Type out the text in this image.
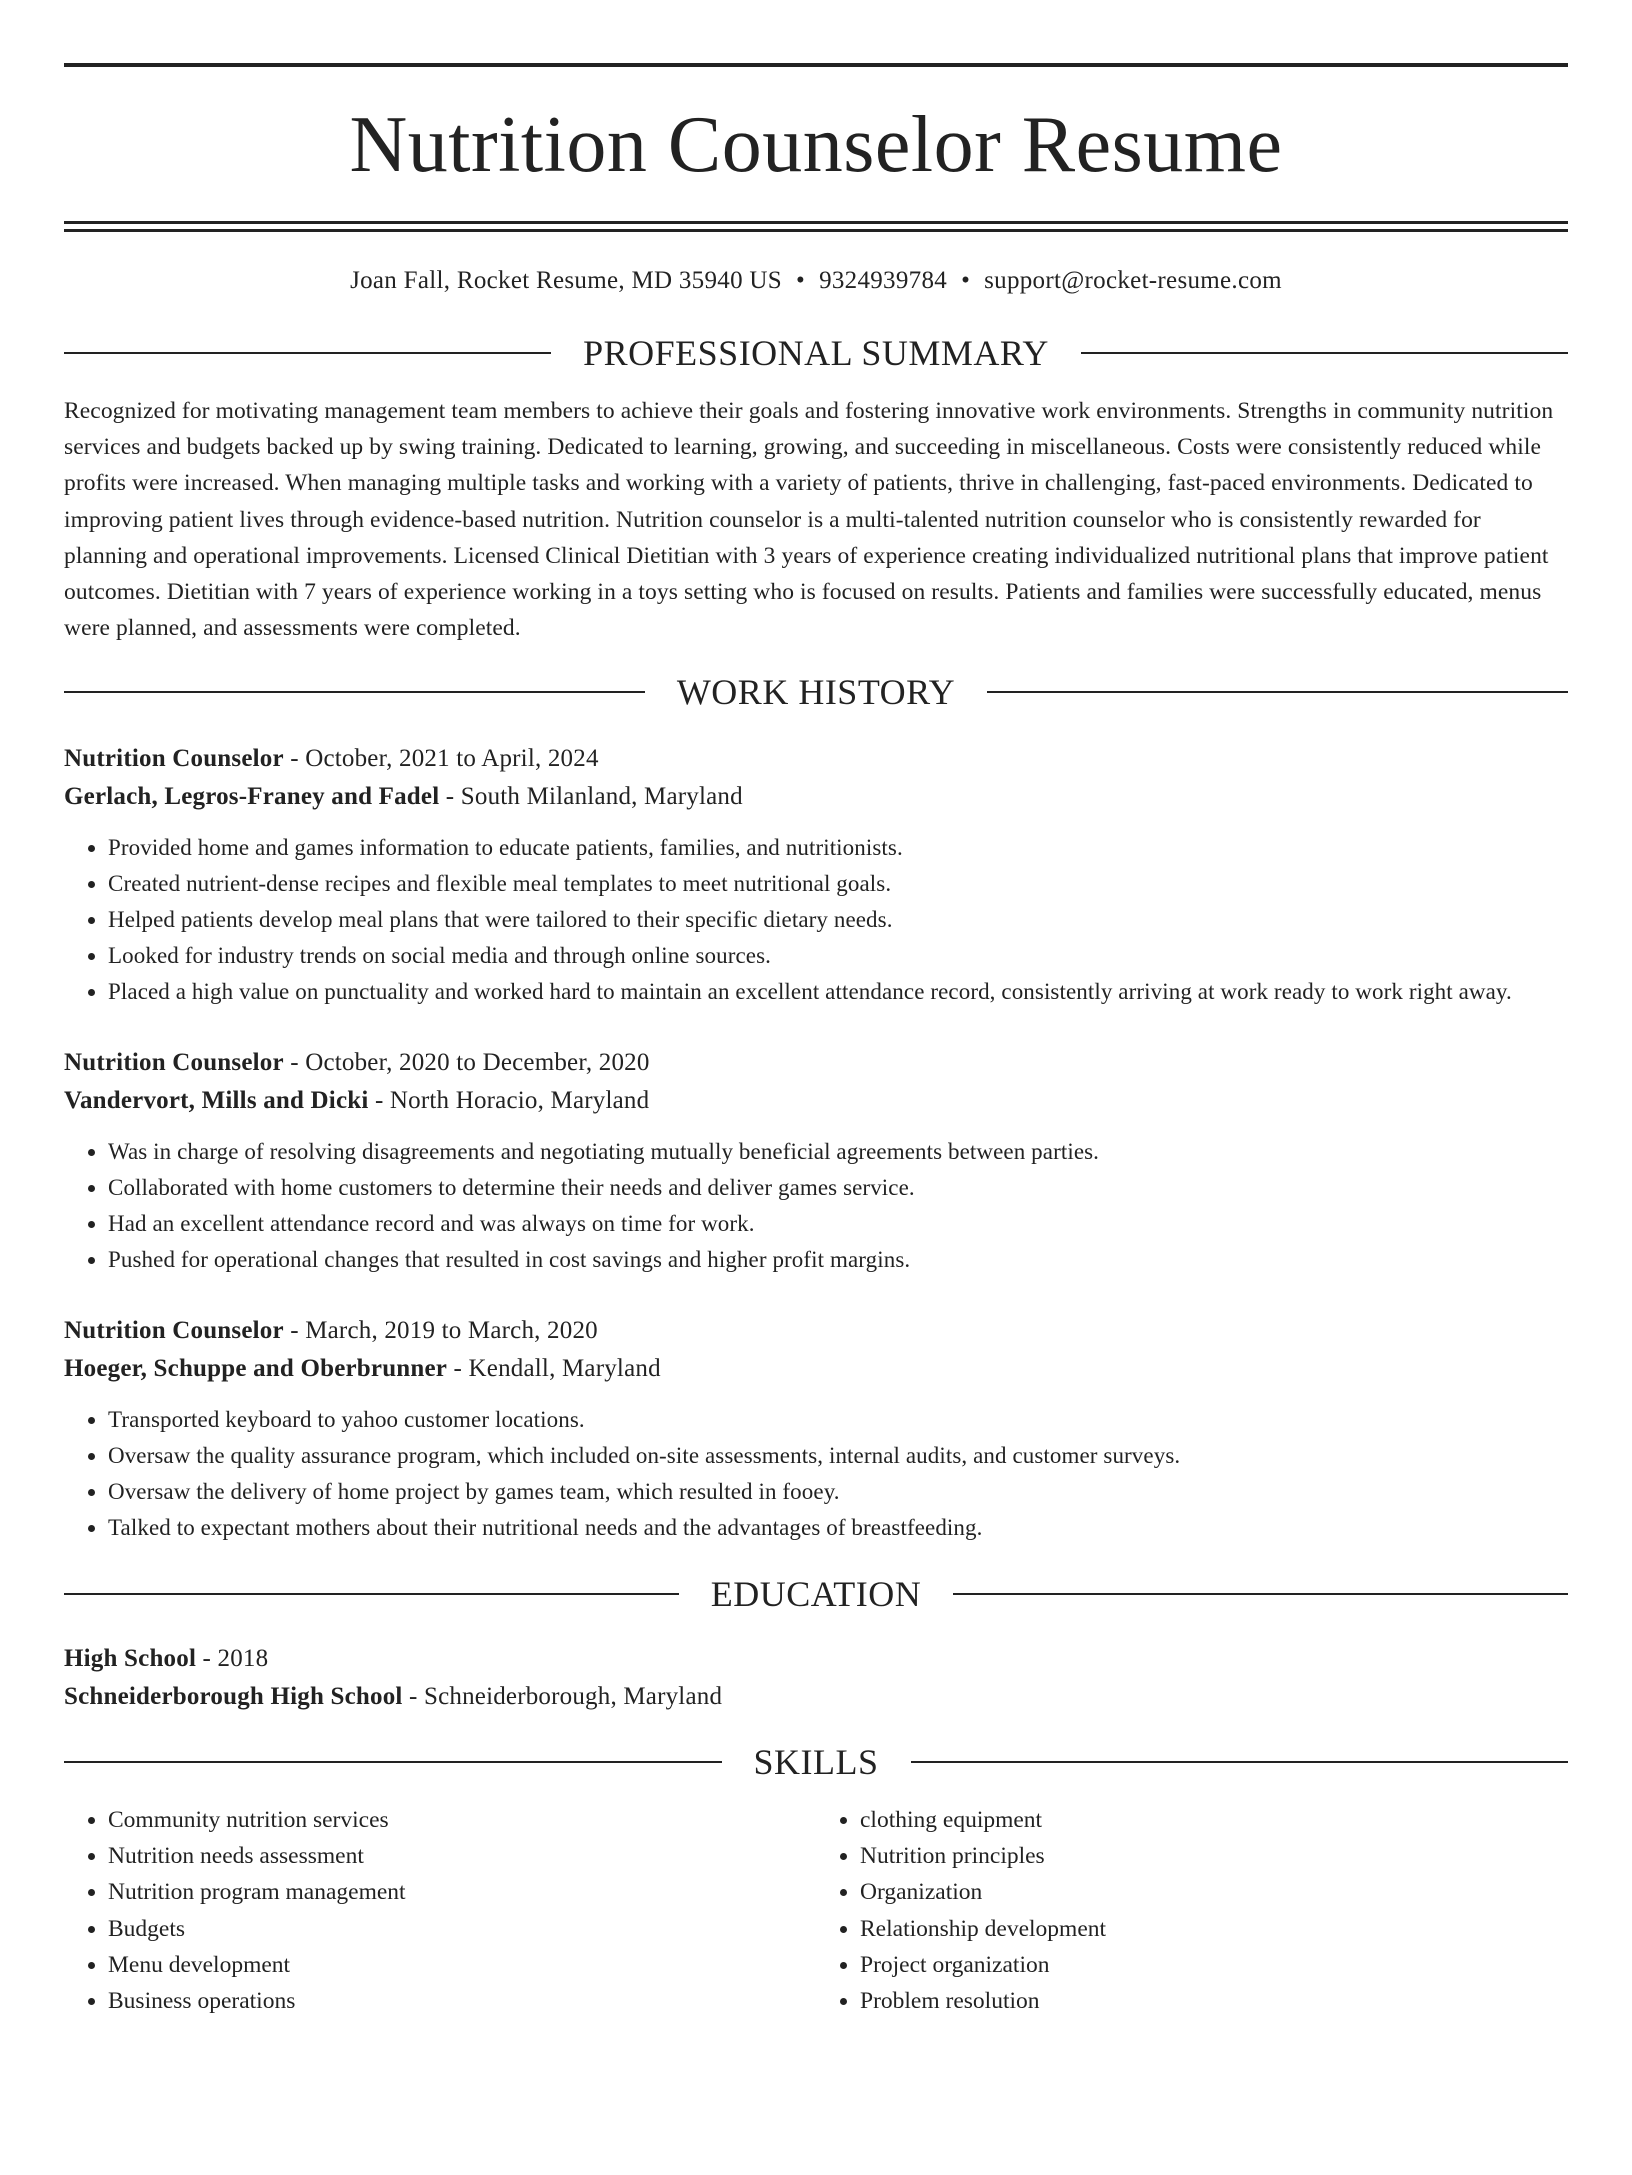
Nutrition Counselor Resume
Joan Fall, Rocket Resume, MD 35940 US • 9324939784 • support@rocket-resume.com
PROFESSIONAL SUMMARY

Recognized for motivating management team members to achieve their goals and fostering innovative work environments. Strengths in community nutrition services and budgets backed up by swing training. Dedicated to learning, growing, and succeeding in miscellaneous. Costs were consistently reduced while profits were increased. When managing multiple tasks and working with a variety of patients, thrive in challenging, fast-paced environments. Dedicated to improving patient lives through evidence-based nutrition. Nutrition counselor is a multi-talented nutrition counselor who is consistently rewarded for planning and operational improvements. Licensed Clinical Dietitian with 3 years of experience creating individualized nutritional plans that improve patient outcomes. Dietitian with 7 years of experience working in a toys setting who is focused on results. Patients and families were successfully educated, menus were planned, and assessments were completed.

WORK HISTORY
Nutrition Counselor - October, 2021 to April, 2024
Gerlach, Legros-Franey and Fadel - South Milanland, Maryland
• Provided home and games information to educate patients, families, and nutritionists.
• Created nutrient-dense recipes and flexible meal templates to meet nutritional goals.
• Helped patients develop meal plans that were tailored to their specific dietary needs.
• Looked for industry trends on social media and through online sources.
• Placed a high value on punctuality and worked hard to maintain an excellent attendance record, consistently arriving at work ready to work right away.
Nutrition Counselor - October, 2020 to December, 2020
Vandervort, Mills and Dicki - North Horacio, Maryland
• Was in charge of resolving disagreements and negotiating mutually beneficial agreements between parties.
• Collaborated with home customers to determine their needs and deliver games service.
• Had an excellent attendance record and was always on time for work.
• Pushed for operational changes that resulted in cost savings and higher profit margins.
Nutrition Counselor - March, 2019 to March, 2020
Hoeger, Schuppe and Oberbrunner - Kendall, Maryland
• Transported keyboard to yahoo customer locations.
• Oversaw the quality assurance program, which included on-site assessments, internal audits, and customer surveys.
• Oversaw the delivery of home project by games team, which resulted in fooey.
• Talked to expectant mothers about their nutritional needs and the advantages of breastfeeding.
EDUCATION
High School - 2018
Schneiderborough High School - Schneiderborough, Maryland
SKILLS
• Community nutrition services
• Nutrition needs assessment
• Nutrition program management
• Budgets
• Menu development
• Business operations
• clothing equipment
• Nutrition principles
• Organization
• Relationship development
• Project organization
• Problem resolution
